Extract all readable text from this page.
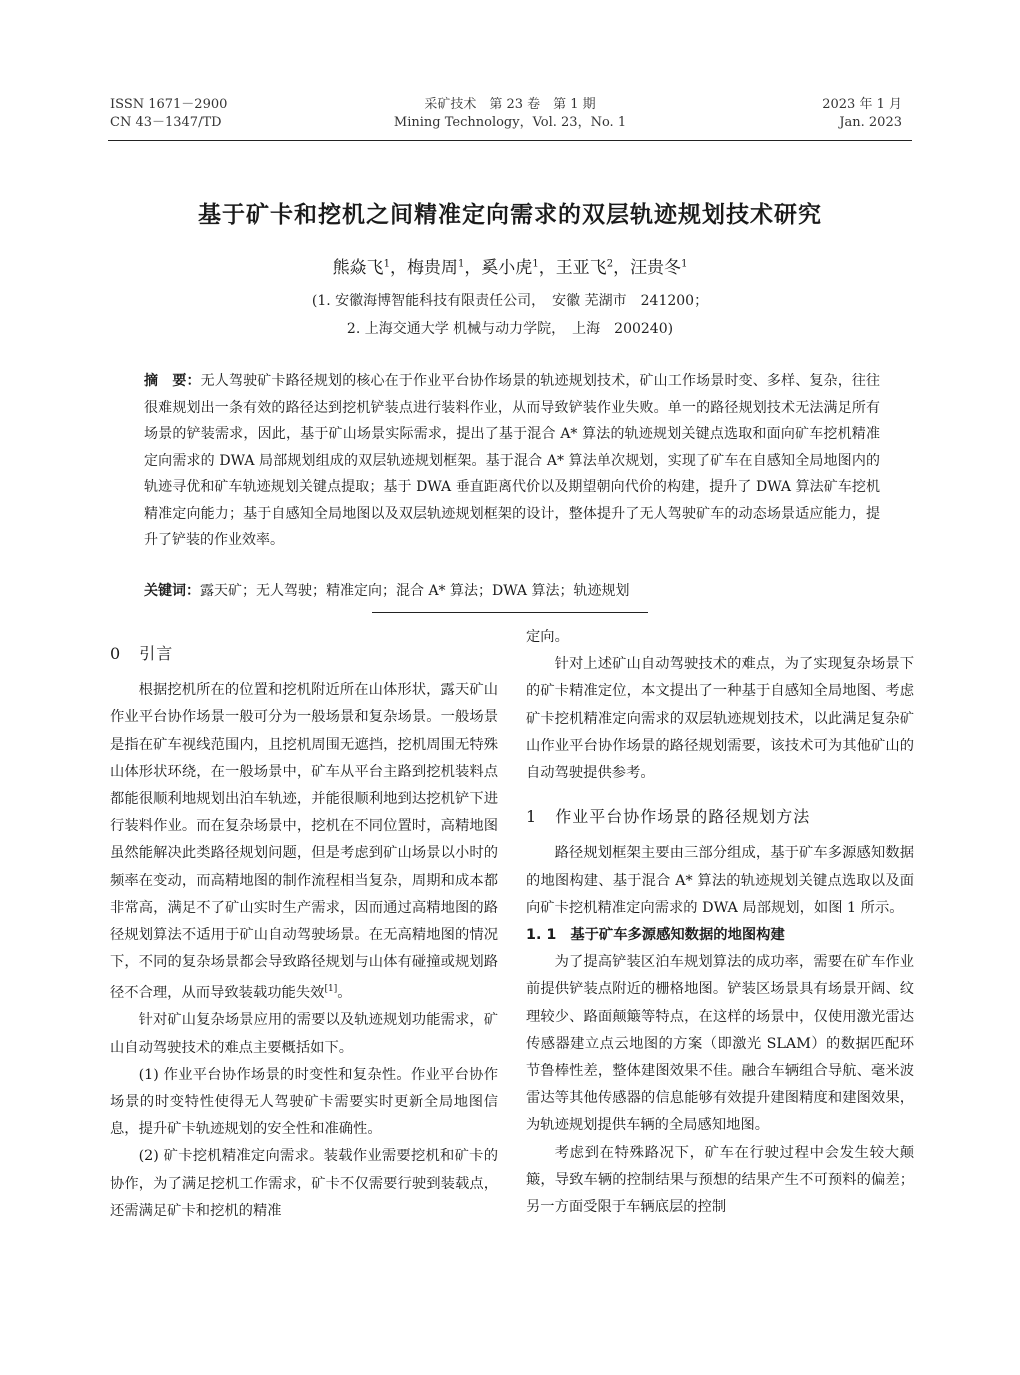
ISSN 1671－2900
CN 43－1347/TD
采矿技术　第 23 卷　第 1 期
Mining Technology，Vol. 23，No. 1
2023 年 1 月
Jan. 2023
基于矿卡和挖机之间精准定向需求的双层轨迹规划技术研究
熊焱飞$^1$，梅贵周$^1$，奚小虎$^1$，王亚飞$^2$，汪贵冬$^1$
(1. 安徽海博智能科技有限责任公司，　安徽 芜湖市　241200；
2. 上海交通大学 机械与动力学院，　上海　200240)
摘　要：无人驾驶矿卡路径规划的核心在于作业平台协作场景的轨迹规划技术，矿山工作场景时变、多样、复杂，往往很难规划出一条有效的路径达到挖机铲装点进行装料作业，从而导致铲装作业失败。单一的路径规划技术无法满足所有场景的铲装需求，因此，基于矿山场景实际需求，提出了基于混合 A* 算法的轨迹规划关键点选取和面向矿车挖机精准定向需求的 DWA 局部规划组成的双层轨迹规划框架。基于混合 A* 算法单次规划，实现了矿车在自感知全局地图内的轨迹寻优和矿车轨迹规划关键点提取；基于 DWA 垂直距离代价以及期望朝向代价的构建，提升了 DWA 算法矿车挖机精准定向能力；基于自感知全局地图以及双层轨迹规划框架的设计，整体提升了无人驾驶矿车的动态场景适应能力，提升了铲装的作业效率。
关键词：露天矿；无人驾驶；精准定向；混合 A* 算法；DWA 算法；轨迹规划
0 引言

根据挖机所在的位置和挖机附近所在山体形状，露天矿山作业平台协作场景一般可分为一般场景和复杂场景。一般场景是指在矿车视线范围内，且挖机周围无遮挡，挖机周围无特殊山体形状环绕，在一般场景中，矿车从平台主路到挖机装料点都能很顺利地规划出泊车轨迹，并能很顺利地到达挖机铲下进行装料作业。而在复杂场景中，挖机在不同位置时，高精地图虽然能解决此类路径规划问题，但是考虑到矿山场景以小时的频率在变动，而高精地图的制作流程相当复杂，周期和成本都非常高，满足不了矿山实时生产需求，因而通过高精地图的路径规划算法不适用于矿山自动驾驶场景。在无高精地图的情况下，不同的复杂场景都会导致路径规划与山体有碰撞或规划路径不合理，从而导致装载功能失效[1]。

针对矿山复杂场景应用的需要以及轨迹规划功能需求，矿山自动驾驶技术的难点主要概括如下。

(1) 作业平台协作场景的时变性和复杂性。作业平台协作场景的时变特性使得无人驾驶矿卡需要实时更新全局地图信息，提升矿卡轨迹规划的安全性和准确性。

(2) 矿卡挖机精准定向需求。装载作业需要挖机和矿卡的协作，为了满足挖机工作需求，矿卡不仅需要行驶到装载点，还需满足矿卡和挖机的精准

定向。

针对上述矿山自动驾驶技术的难点，为了实现复杂场景下的矿卡精准定位，本文提出了一种基于自感知全局地图、考虑矿卡挖机精准定向需求的双层轨迹规划技术，以此满足复杂矿山作业平台协作场景的路径规划需要，该技术可为其他矿山的自动驾驶提供参考。

1 作业平台协作场景的路径规划方法

路径规划框架主要由三部分组成，基于矿车多源感知数据的地图构建、基于混合 A* 算法的轨迹规划关键点选取以及面向矿卡挖机精准定向需求的 DWA 局部规划，如图 1 所示。

1. 1 基于矿车多源感知数据的地图构建

为了提高铲装区泊车规划算法的成功率，需要在矿车作业前提供铲装点附近的栅格地图。铲装区场景具有场景开阔、纹理较少、路面颠簸等特点，在这样的场景中，仅使用激光雷达传感器建立点云地图的方案（即激光 SLAM）的数据匹配环节鲁棒性差，整体建图效果不佳。融合车辆组合导航、毫米波雷达等其他传感器的信息能够有效提升建图精度和建图效果，为轨迹规划提供车辆的全局感知地图。

考虑到在特殊路况下，矿车在行驶过程中会发生较大颠簸，导致车辆的控制结果与预想的结果产生不可预料的偏差；另一方面受限于车辆底层的控制
